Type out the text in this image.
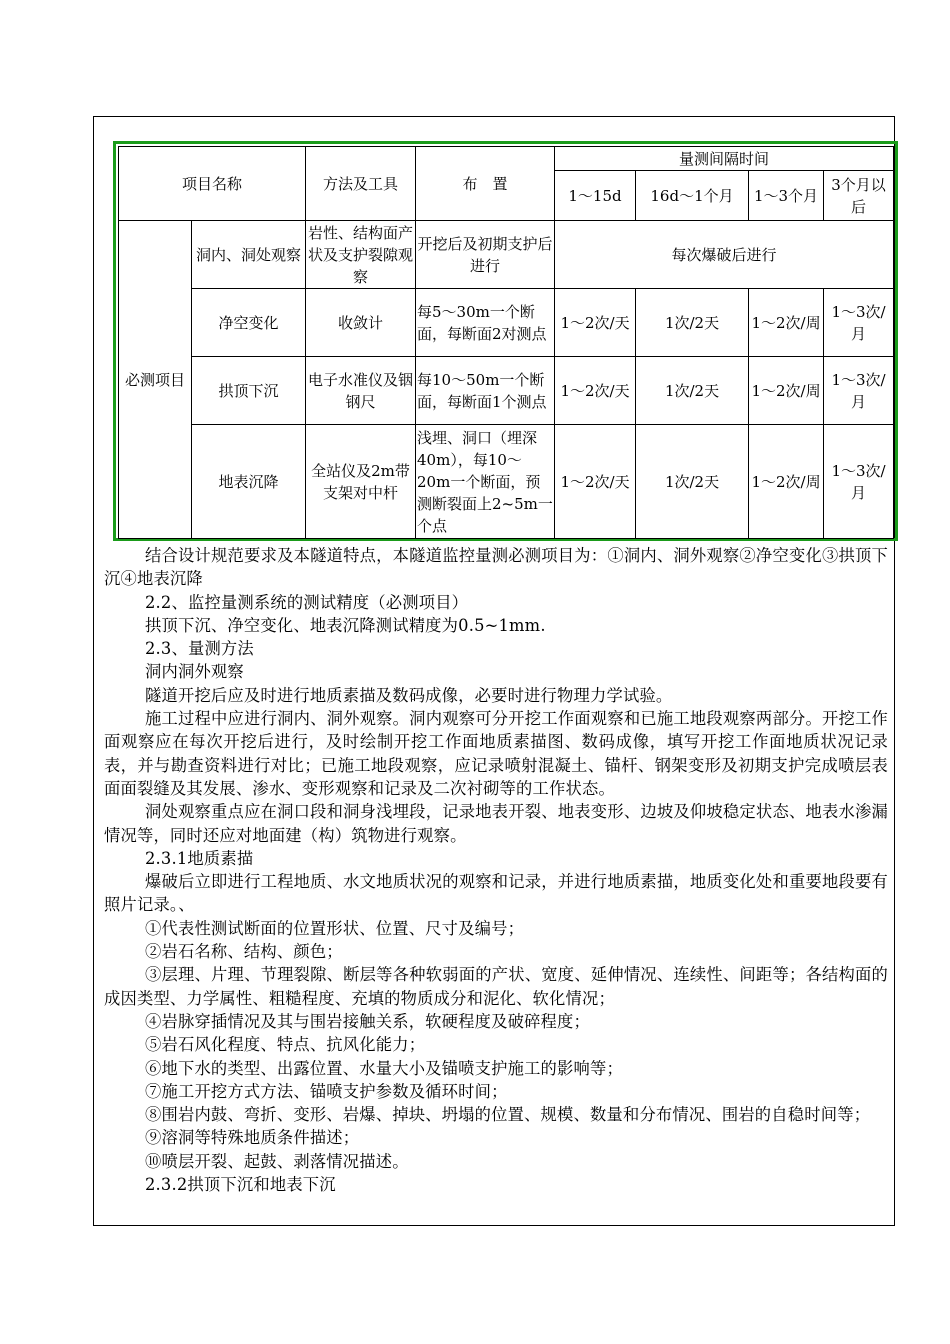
项目名称		方法及工具	布　置	量测间隔时间			
				1～15d	16d～1个月	1～3个月	3个月以后
必测项目	洞内、洞处观察	岩性、结构面产状及支护裂隙观察	开挖后及初期支护后进行	每次爆破后进行			
	净空变化	收敛计	每5～30m一个断面，每断面2对测点	1～2次/天	1次/2天	1～2次/周	1～3次/月
	拱顶下沉	电子水准仪及铟钢尺	每10～50m一个断面，每断面1个测点	1～2次/天	1次/2天	1～2次/周	1～3次/月
	地表沉降	全站仪及2m带支架对中杆	浅埋、洞口（埋深40m），每10～20m一个断面，预测断裂面上2~5m一个点	1～2次/天	1次/2天	1～2次/周	1～3次/月

结合设计规范要求及本隧道特点，本隧道监控量测必测项目为：①洞内、洞外观察②净空变化③拱顶下沉④地表沉降

2.2、监控量测系统的测试精度（必测项目）

拱顶下沉、净空变化、地表沉降测试精度为0.5~1mm.

2.3、量测方法

洞内洞外观察

隧道开挖后应及时进行地质素描及数码成像，必要时进行物理力学试验。

施工过程中应进行洞内、洞外观察。洞内观察可分开挖工作面观察和已施工地段观察两部分。开挖工作面观察应在每次开挖后进行，及时绘制开挖工作面地质素描图、数码成像，填写开挖工作面地质状况记录表，并与勘查资料进行对比；已施工地段观察，应记录喷射混凝土、锚杆、钢架变形及初期支护完成喷层表面面裂缝及其发展、渗水、变形观察和记录及二次衬砌等的工作状态。

洞处观察重点应在洞口段和洞身浅埋段，记录地表开裂、地表变形、边坡及仰坡稳定状态、地表水渗漏情况等，同时还应对地面建（构）筑物进行观察。

2.3.1地质素描

爆破后立即进行工程地质、水文地质状况的观察和记录，并进行地质素描，地质变化处和重要地段要有照片记录。、

①代表性测试断面的位置形状、位置、尺寸及编号；

②岩石名称、结构、颜色；

③层理、片理、节理裂隙、断层等各种软弱面的产状、宽度、延伸情况、连续性、间距等；各结构面的成因类型、力学属性、粗糙程度、充填的物质成分和泥化、软化情况；

④岩脉穿插情况及其与围岩接触关系，软硬程度及破碎程度；

⑤岩石风化程度、特点、抗风化能力；

⑥地下水的类型、出露位置、水量大小及锚喷支护施工的影响等；

⑦施工开挖方式方法、锚喷支护参数及循环时间；

⑧围岩内鼓、弯折、变形、岩爆、掉块、坍塌的位置、规模、数量和分布情况、围岩的自稳时间等；

⑨溶洞等特殊地质条件描述；

⑩喷层开裂、起鼓、剥落情况描述。

2.3.2拱顶下沉和地表下沉
